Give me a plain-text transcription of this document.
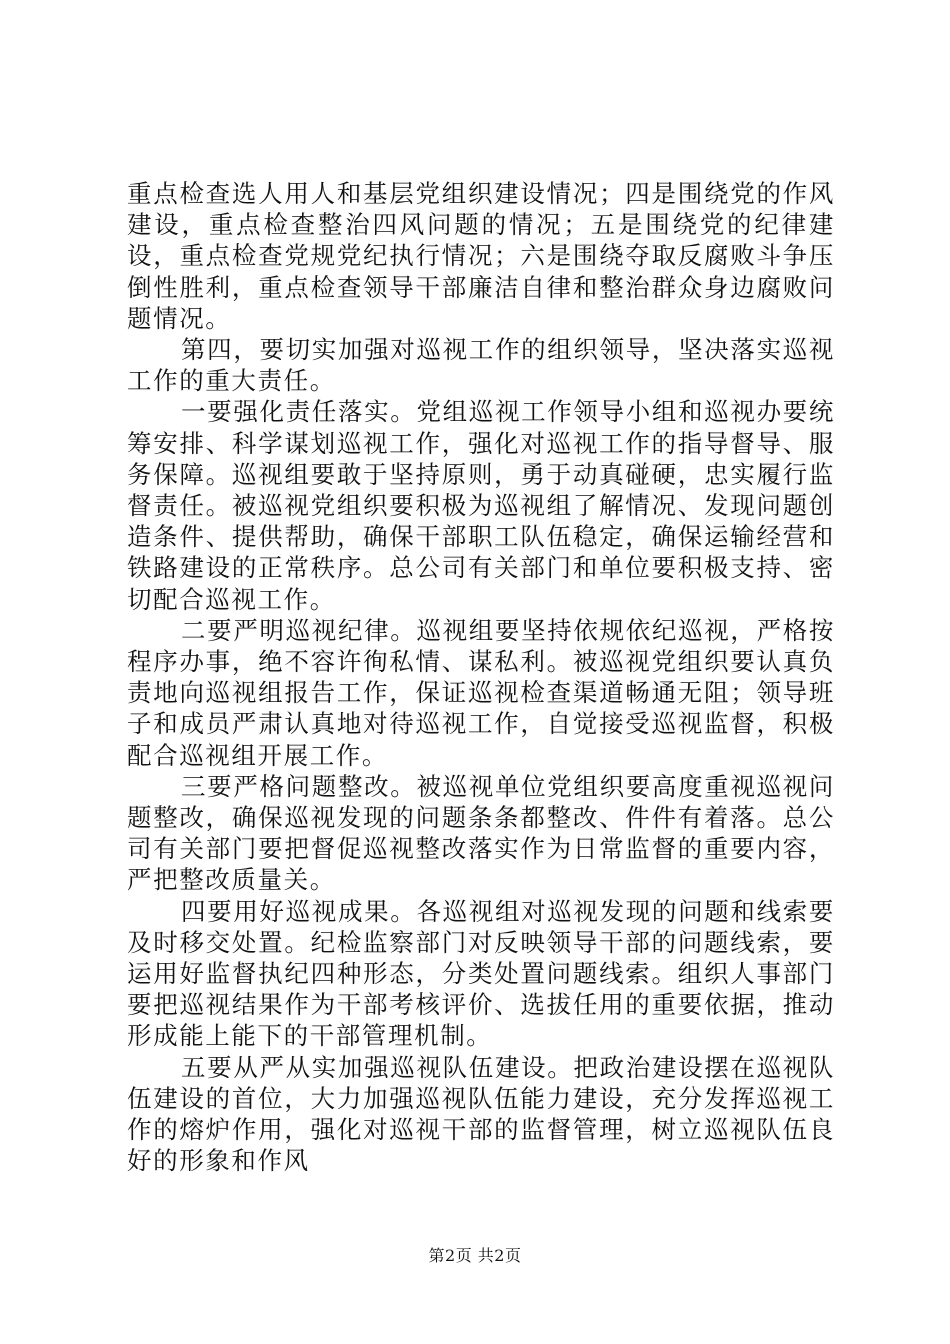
重点检查选人用人和基层党组织建设情况；四是围绕党的作风建设，重点检查整治四风问题的情况；五是围绕党的纪律建设，重点检查党规党纪执行情况；六是围绕夺取反腐败斗争压倒性胜利，重点检查领导干部廉洁自律和整治群众身边腐败问题情况。

第四，要切实加强对巡视工作的组织领导，坚决落实巡视工作的重大责任。

一要强化责任落实。党组巡视工作领导小组和巡视办要统筹安排、科学谋划巡视工作，强化对巡视工作的指导督导、服务保障。巡视组要敢于坚持原则，勇于动真碰硬，忠实履行监督责任。被巡视党组织要积极为巡视组了解情况、发现问题创造条件、提供帮助，确保干部职工队伍稳定，确保运输经营和铁路建设的正常秩序。总公司有关部门和单位要积极支持、密切配合巡视工作。

二要严明巡视纪律。巡视组要坚持依规依纪巡视，严格按程序办事，绝不容许徇私情、谋私利。被巡视党组织要认真负责地向巡视组报告工作，保证巡视检查渠道畅通无阻；领导班子和成员严肃认真地对待巡视工作，自觉接受巡视监督，积极配合巡视组开展工作。

三要严格问题整改。被巡视单位党组织要高度重视巡视问题整改，确保巡视发现的问题条条都整改、件件有着落。总公司有关部门要把督促巡视整改落实作为日常监督的重要内容，严把整改质量关。

四要用好巡视成果。各巡视组对巡视发现的问题和线索要及时移交处置。纪检监察部门对反映领导干部的问题线索，要运用好监督执纪四种形态，分类处置问题线索。组织人事部门要把巡视结果作为干部考核评价、选拔任用的重要依据，推动形成能上能下的干部管理机制。

五要从严从实加强巡视队伍建设。把政治建设摆在巡视队伍建设的首位，大力加强巡视队伍能力建设，充分发挥巡视工作的熔炉作用，强化对巡视干部的监督管理，树立巡视队伍良好的形象和作风

第2页 共2页
